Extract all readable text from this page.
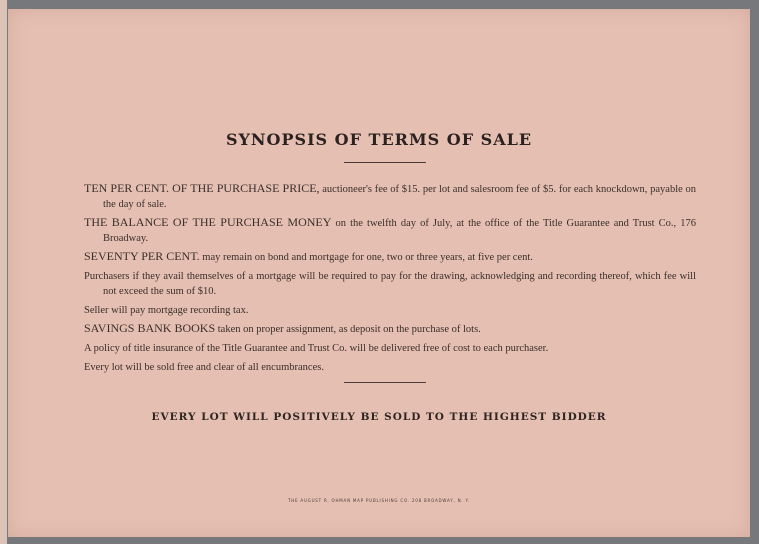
SYNOPSIS OF TERMS OF SALE

TEN PER CENT. OF THE PURCHASE PRICE, auctioneer's fee of $15. per lot and salesroom fee of $5. for each knockdown, payable on the day of sale.

THE BALANCE OF THE PURCHASE MONEY on the twelfth day of July, at the office of the Title Guarantee and Trust Co., 176 Broadway.

SEVENTY PER CENT. may remain on bond and mortgage for one, two or three years, at five per cent.

Purchasers if they avail themselves of a mortgage will be required to pay for the drawing, acknowledging and recording thereof, which fee will not exceed the sum of $10.

Seller will pay mortgage recording tax.

SAVINGS BANK BOOKS taken on proper assignment, as deposit on the purchase of lots.

A policy of title insurance of the Title Guarantee and Trust Co. will be delivered free of cost to each purchaser.

Every lot will be sold free and clear of all encumbrances.

EVERY LOT WILL POSITIVELY BE SOLD TO THE HIGHEST BIDDER
THE AUGUST R. OHMAN MAP PUBLISHING CO. 208 BROADWAY, N. Y.
